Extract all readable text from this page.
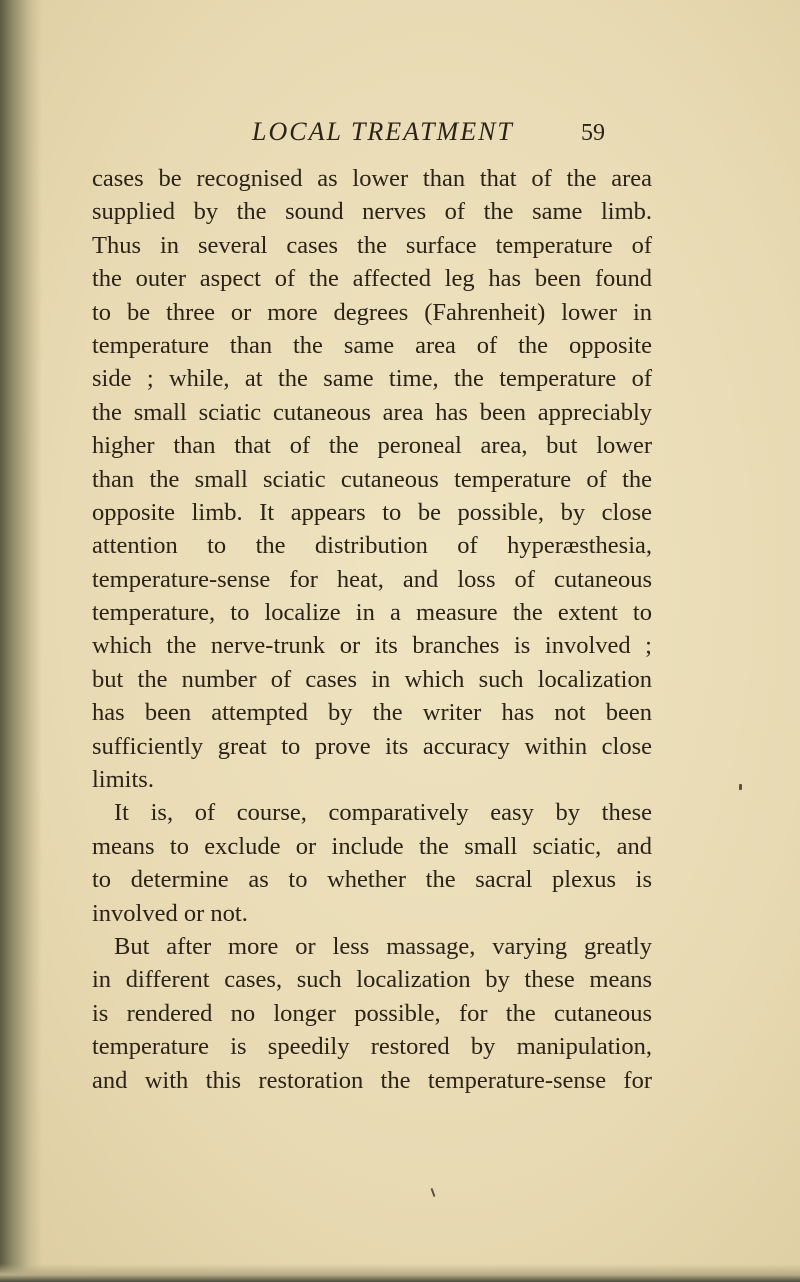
LOCAL TREATMENT	59
cases be recognised as lower than that of the area
supplied by the sound nerves of the same limb.
Thus in several cases the surface temperature of
the outer aspect of the affected leg has been found
to be three or more degrees (Fahrenheit) lower in
temperature than the same area of the opposite
side ; while, at the same time, the temperature of
the small sciatic cutaneous area has been appreciably
higher than that of the peroneal area, but lower
than the small sciatic cutaneous temperature of the
opposite limb. It appears to be possible, by close
attention to the distribution of hyperæsthesia,
temperature-sense for heat, and loss of cutaneous
temperature, to localize in a measure the extent to
which the nerve-trunk or its branches is involved ;
but the number of cases in which such localization
has been attempted by the writer has not been
sufficiently great to prove its accuracy within close
limits.
It is, of course, comparatively easy by these
means to exclude or include the small sciatic, and
to determine as to whether the sacral plexus is
involved or not.
But after more or less massage, varying greatly
in different cases, such localization by these means
is rendered no longer possible, for the cutaneous
temperature is speedily restored by manipulation,
and with this restoration the temperature-sense for
